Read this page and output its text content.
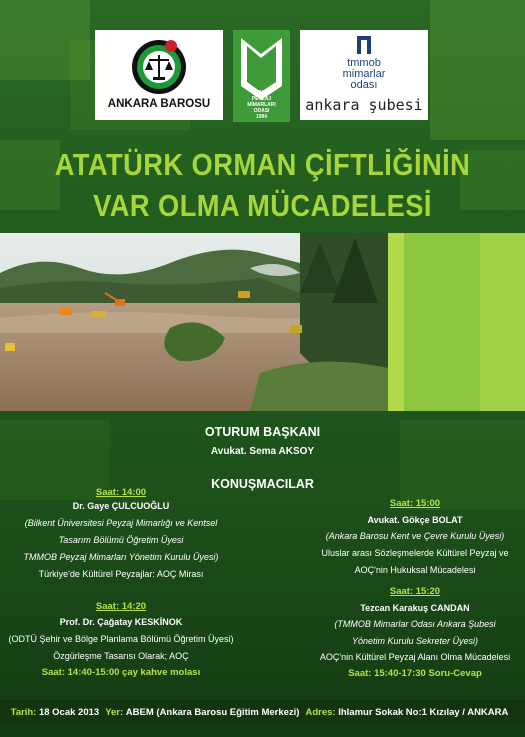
ANKARA BAROSU
TMMOB
PEYZAJ
MİMARLARI
ODASI
1994
tmmob
mimarlar
odası
ankara şubesi
ATATÜRK ORMAN ÇİFTLİĞİNİN
VAR OLMA MÜCADELESİ
OTURUM BAŞKANI
Avukat. Sema AKSOY
KONUŞMACILAR
Saat: 14:00
Dr. Gaye ÇULCUOĞLU
(Bilkent Üniversitesi Peyzaj Mimarlığı ve Kentsel
Tasarım Bölümü Öğretim Üyesi
TMMOB Peyzaj Mimarları Yönetim Kurulu Üyesi)
Türkiye'de Kültürel Peyzajlar: AOÇ Mirası
Saat: 14:20
Prof. Dr. Çağatay KESKİNOK
(ODTÜ Şehir ve Bölge Planlama Bölümü Öğretim Üyesi)
Özgürleşme Tasarısı Olarak; AOÇ
Saat: 14:40-15:00 çay kahve molası
Saat: 15:00
Avukat. Gökçe BOLAT
(Ankara Barosu Kent ve Çevre Kurulu Üyesi)
Uluslar arası Sözleşmelerde Kültürel Peyzaj ve
AOÇ'nin Hukuksal Mücadelesi
Saat: 15:20
Tezcan Karakuş CANDAN
(TMMOB Mimarlar Odası Ankara Şubesi
Yönetim Kurulu Sekreter Üyesi)
AOÇ'nin Kültürel Peyzaj Alanı Olma Mücadelesi
Saat: 15:40-17:30 Soru-Cevap
Tarih:
18 Ocak 2013 Yer:
ABEM (Ankara Barosu Eğitim Merkezi) Adres:
Ihlamur Sokak No:1 Kızılay / ANKARA
